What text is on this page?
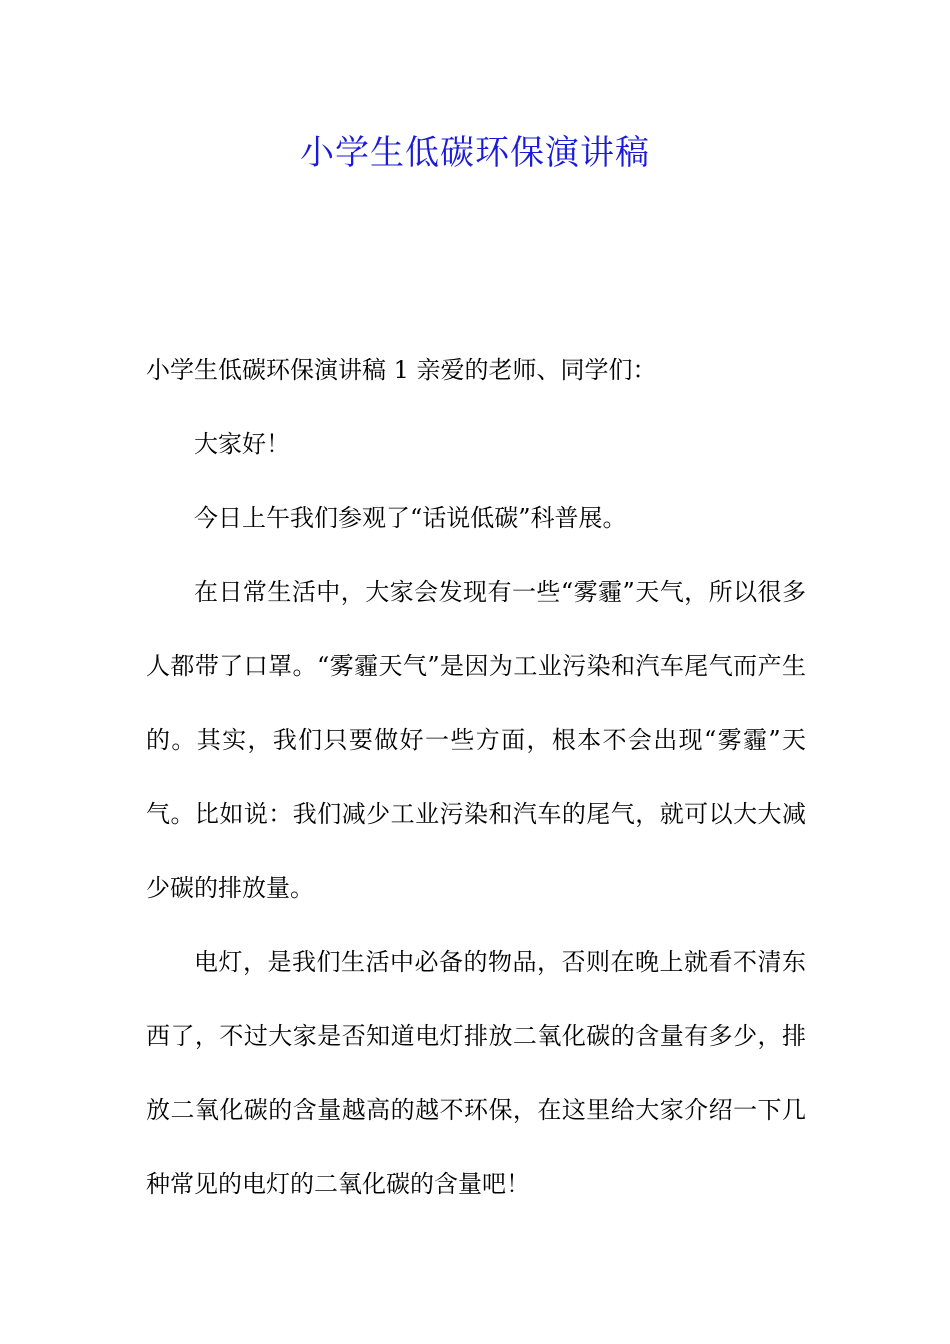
小学生低碳环保演讲稿

小学生低碳环保演讲稿 1 亲爱的老师、同学们：

大家好！

今日上午我们参观了“话说低碳”科普展。

在日常生活中，大家会发现有一些“雾霾”天气，所以很多人都带了口罩。“雾霾天气”是因为工业污染和汽车尾气而产生的。其实，我们只要做好一些方面，根本不会出现“雾霾”天气。比如说：我们减少工业污染和汽车的尾气，就可以大大减少碳的排放量。

电灯，是我们生活中必备的物品，否则在晚上就看不清东西了，不过大家是否知道电灯排放二氧化碳的含量有多少，排放二氧化碳的含量越高的越不环保，在这里给大家介绍一下几种常见的电灯的二氧化碳的含量吧！
